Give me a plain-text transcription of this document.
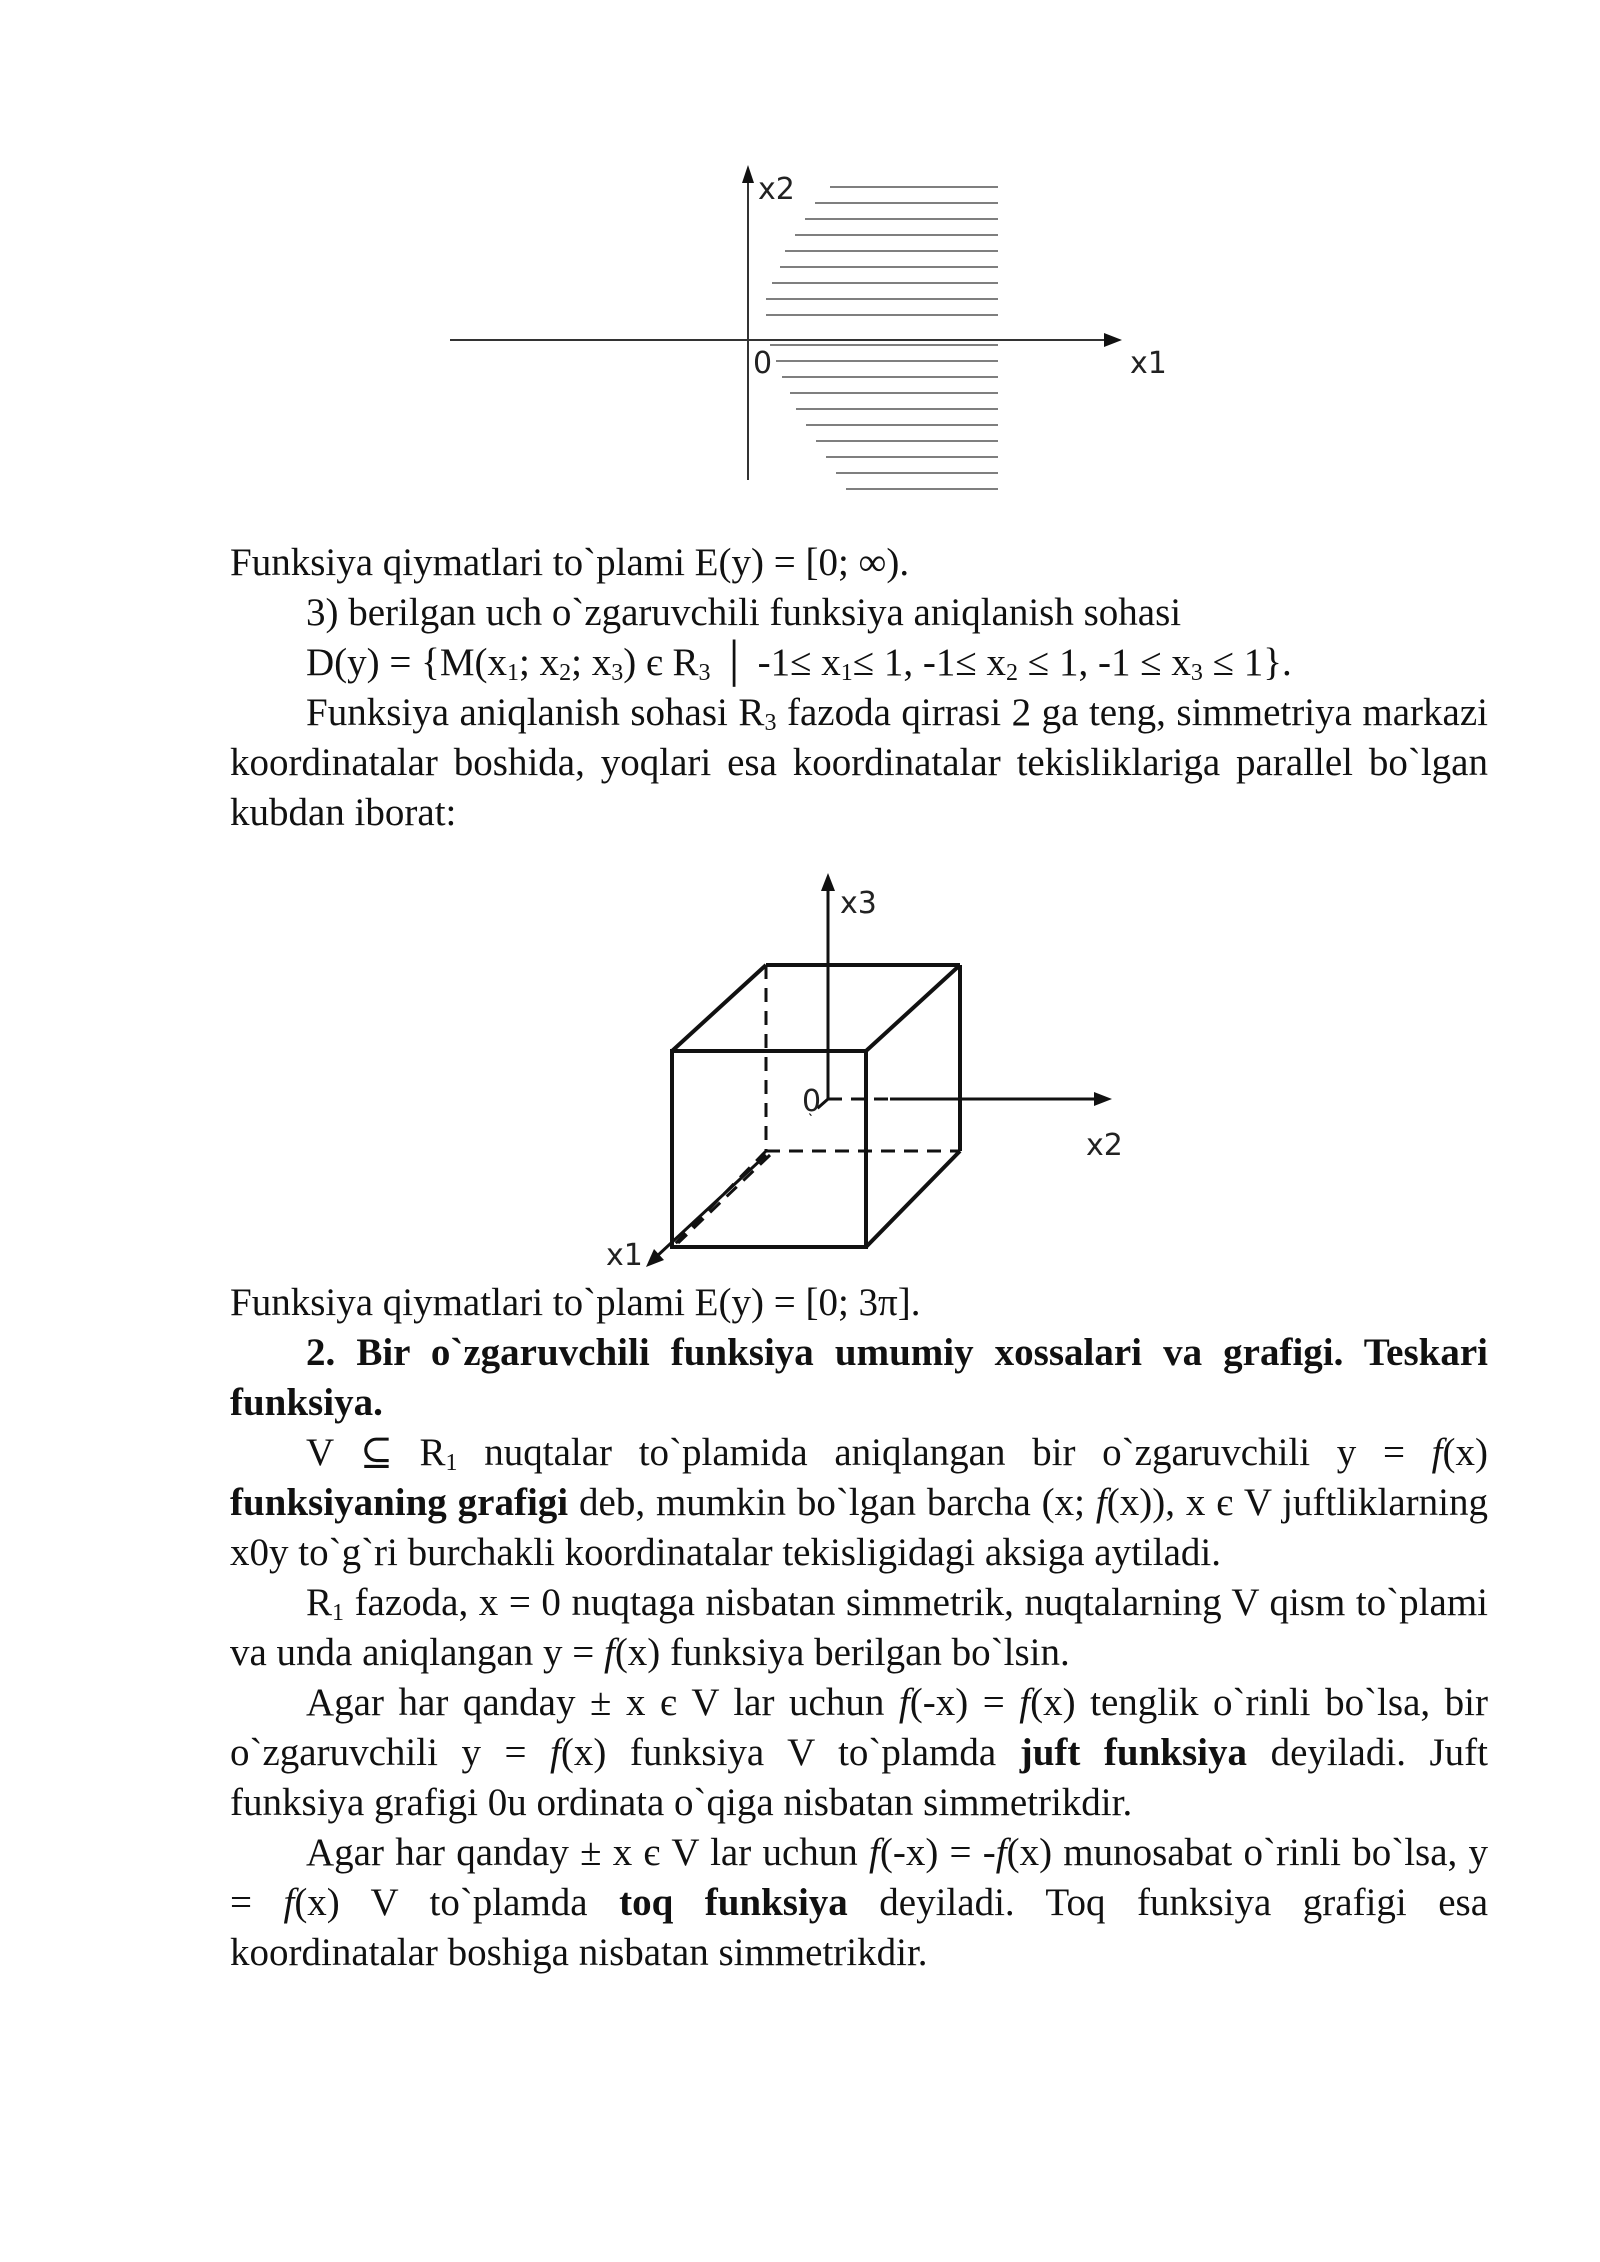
x2
0	x1

Funksiya qiymatlari to`plami E(y) = [0; ∞).

3) berilgan uch o`zgaruvchili funksiya aniqlanish sohasi

$D(y) = \{M(x_1$; $x_2$; $x_3$) є $R_3$ │ $-1\le x_1\le 1$, $-1\le x_2 \le 1$, $-1 \le x_3 \le 1$}.

Funksiya aniqlanish sohasi $R_3$ fazoda qirrasi 2 ga teng, simmetriya markazi koordinatalar boshida, yoqlari esa koordinatalar tekisliklariga parallel bo`lgan kubdan iborat:

x3
x2
x1
0

Funksiya qiymatlari to`plami E(y) = [0; 3π].

2. Bir o`zgaruvchili funksiya umumiy xossalari va grafigi. Teskari funksiya.

V ⊆ $R_1$ nuqtalar to`plamida aniqlangan bir o`zgaruvchili y = f(x) funksiyaning grafigi deb, mumkin bo`lgan barcha (x; f(x)), x є V juftliklarning x0y to`g`ri burchakli koordinatalar tekisligidagi aksiga aytiladi.

$R_1$ fazoda, x = 0 nuqtaga nisbatan simmetrik, nuqtalarning V qism to`plami va unda aniqlangan y = f(x) funksiya berilgan bo`lsin.

Agar har qanday ± x є V lar uchun f(-x) = f(x) tenglik o`rinli bo`lsa, bir o`zgaruvchili y = f(x) funksiya V to`plamda juft funksiya deyiladi. Juft funksiya grafigi 0u ordinata o`qiga nisbatan simmetrikdir.

Agar har qanday ± x є V lar uchun f(-x) = -f(x) munosabat o`rinli bo`lsa, y = f(x) V to`plamda toq funksiya deyiladi. Toq funksiya grafigi esa koordinatalar boshiga nisbatan simmetrikdir.
